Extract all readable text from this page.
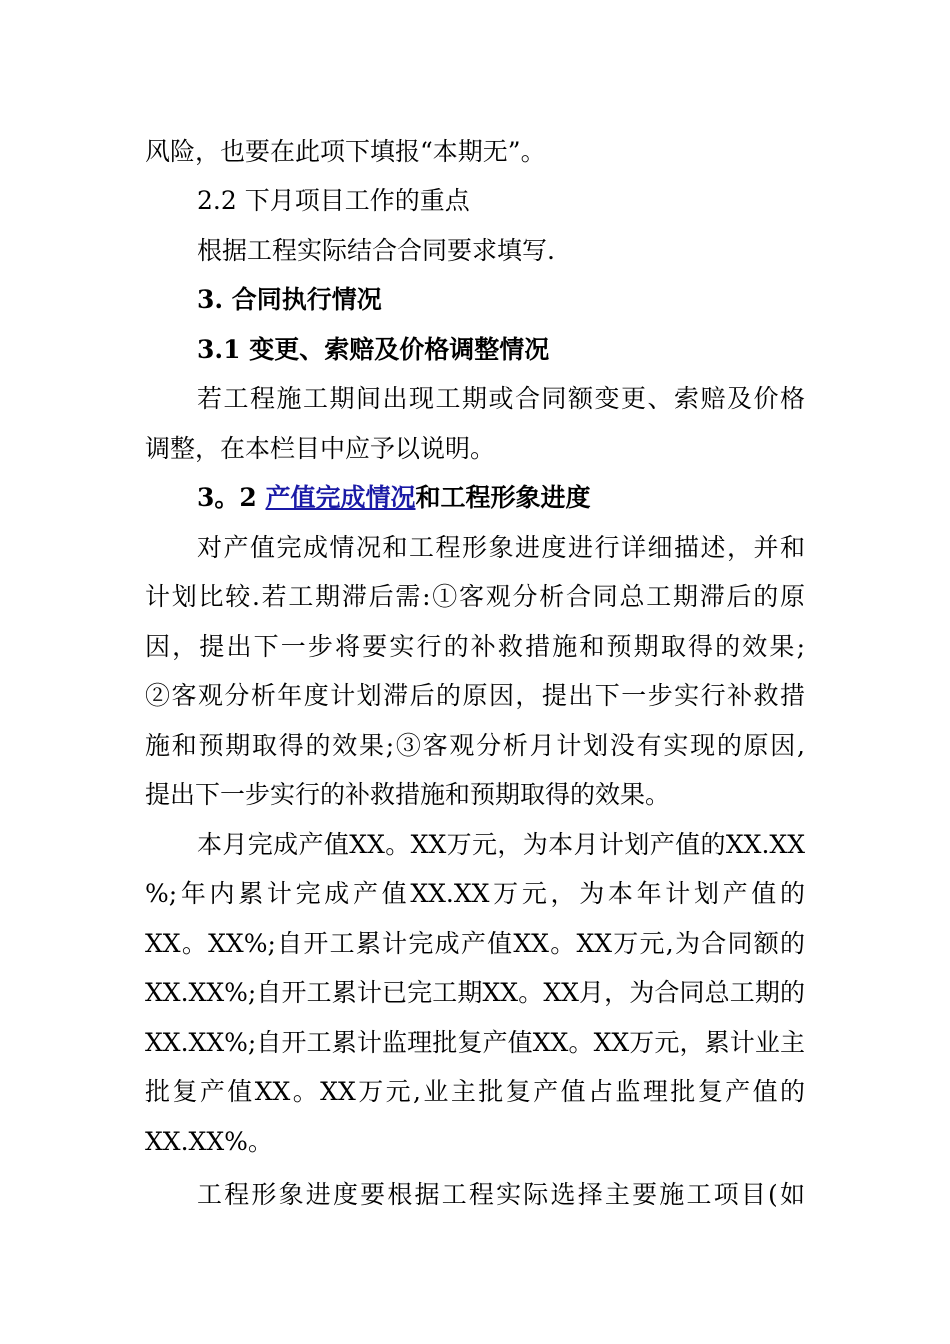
风险，也要在此项下填报“本期无”。
2.2 下月项目工作的重点
根据工程实际结合合同要求填写.
3. 合同执行情况
3.1 变更、索赔及价格调整情况
若工程施工期间出现工期或合同额变更、索赔及价格
调整，在本栏目中应予以说明。
3。2 产值完成情况和工程形象进度
对产值完成情况和工程形象进度进行详细描述，并和
计划比较.若工期滞后需:①客观分析合同总工期滞后的原
因，提出下一步将要实行的补救措施和预期取得的效果;
②客观分析年度计划滞后的原因，提出下一步实行补救措
施和预期取得的效果;③客观分析月计划没有实现的原因,
提出下一步实行的补救措施和预期取得的效果。
本月完成产值XX。XX万元，为本月计划产值的XX.XX
%;年内累计完成产值XX.XX万元，为本年计划产值的
XX。XX%;自开工累计完成产值XX。XX万元,为合同额的
XX.XX%;自开工累计已完工期XX。XX月，为合同总工期的
XX.XX%;自开工累计监理批复产值XX。XX万元，累计业主
批复产值XX。XX万元,业主批复产值占监理批复产值的
XX.XX%。
工程形象进度要根据工程实际选择主要施工项目(如
